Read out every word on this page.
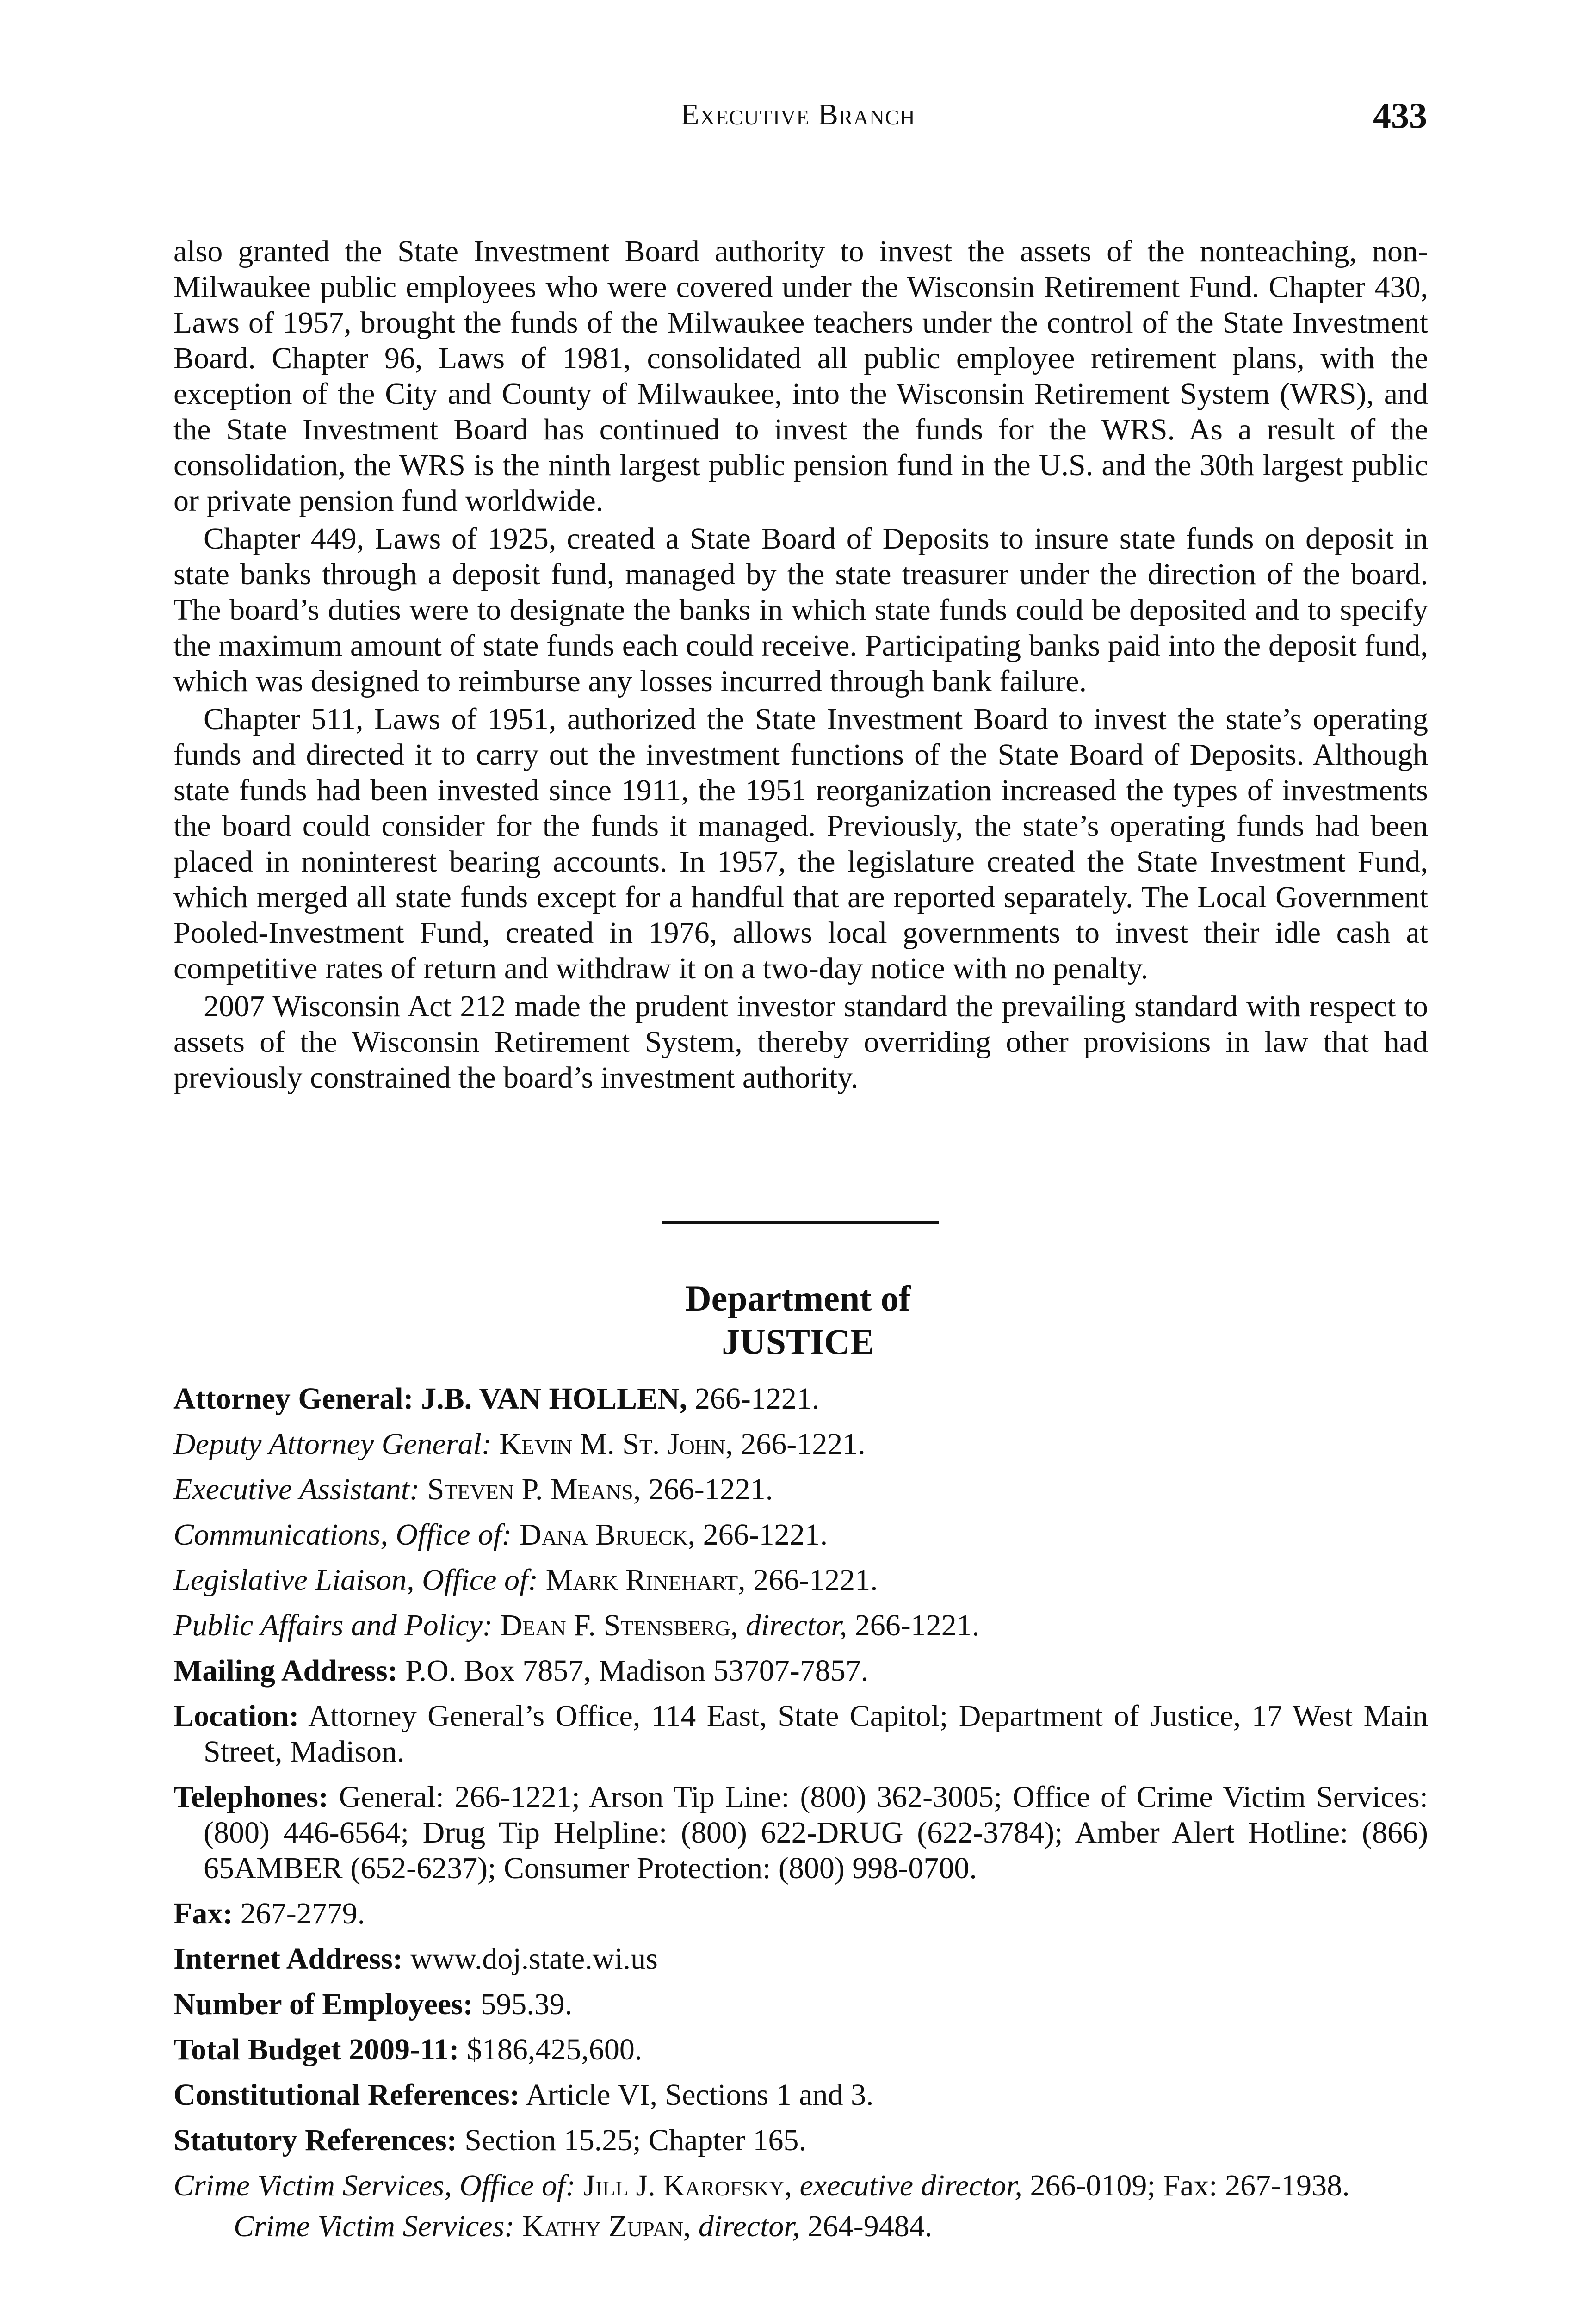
Executive Branch	433

also granted the State Investment Board authority to invest the assets of the nonteaching, non-Milwaukee public employees who were covered under the Wisconsin Retirement Fund. Chapter 430, Laws of 1957, brought the funds of the Milwaukee teachers under the control of the State Investment Board. Chapter 96, Laws of 1981, consolidated all public employee retirement plans, with the exception of the City and County of Milwaukee, into the Wisconsin Retirement System (WRS), and the State Investment Board has continued to invest the funds for the WRS. As a result of the consolidation, the WRS is the ninth largest public pension fund in the U.S. and the 30th largest public or private pension fund worldwide.

Chapter 449, Laws of 1925, created a State Board of Deposits to insure state funds on deposit in state banks through a deposit fund, managed by the state treasurer under the direction of the board. The board’s duties were to designate the banks in which state funds could be deposited and to specify the maximum amount of state funds each could receive. Participating banks paid into the deposit fund, which was designed to reimburse any losses incurred through bank failure.

Chapter 511, Laws of 1951, authorized the State Investment Board to invest the state’s operating funds and directed it to carry out the investment functions of the State Board of Deposits. Although state funds had been invested since 1911, the 1951 reorganization increased the types of investments the board could consider for the funds it managed. Previously, the state’s operating funds had been placed in noninterest bearing accounts. In 1957, the legislature created the State Investment Fund, which merged all state funds except for a handful that are reported separately. The Local Government Pooled-Investment Fund, created in 1976, allows local governments to invest their idle cash at competitive rates of return and withdraw it on a two-day notice with no penalty.

2007 Wisconsin Act 212 made the prudent investor standard the prevailing standard with respect to assets of the Wisconsin Retirement System, thereby overriding other provisions in law that had previously constrained the board’s investment authority.

Department of
JUSTICE
Attorney General: J.B. VAN HOLLEN, 266-1221.
Deputy Attorney General: Kevin M. St. John, 266-1221.
Executive Assistant: Steven P. Means, 266-1221.
Communications, Office of: Dana Brueck, 266-1221.
Legislative Liaison, Office of: Mark Rinehart, 266-1221.
Public Affairs and Policy: Dean F. Stensberg, director, 266-1221.
Mailing Address: P.O. Box 7857, Madison 53707-7857.
Location: Attorney General’s Office, 114 East, State Capitol; Department of Justice, 17 West Main Street, Madison.
Telephones: General: 266-1221; Arson Tip Line: (800) 362-3005; Office of Crime Victim Services: (800) 446-6564; Drug Tip Helpline: (800) 622-DRUG (622-3784); Amber Alert Hotline: (866) 65AMBER (652-6237); Consumer Protection: (800) 998-0700.
Fax: 267-2779.
Internet Address: www.doj.state.wi.us
Number of Employees: 595.39.
Total Budget 2009-11: $186,425,600.
Constitutional References: Article VI, Sections 1 and 3.
Statutory References: Section 15.25; Chapter 165.
Crime Victim Services, Office of: Jill J. Karofsky, executive director, 266-0109; Fax: 267-1938.
Crime Victim Services: Kathy Zupan, director, 264-9484.
